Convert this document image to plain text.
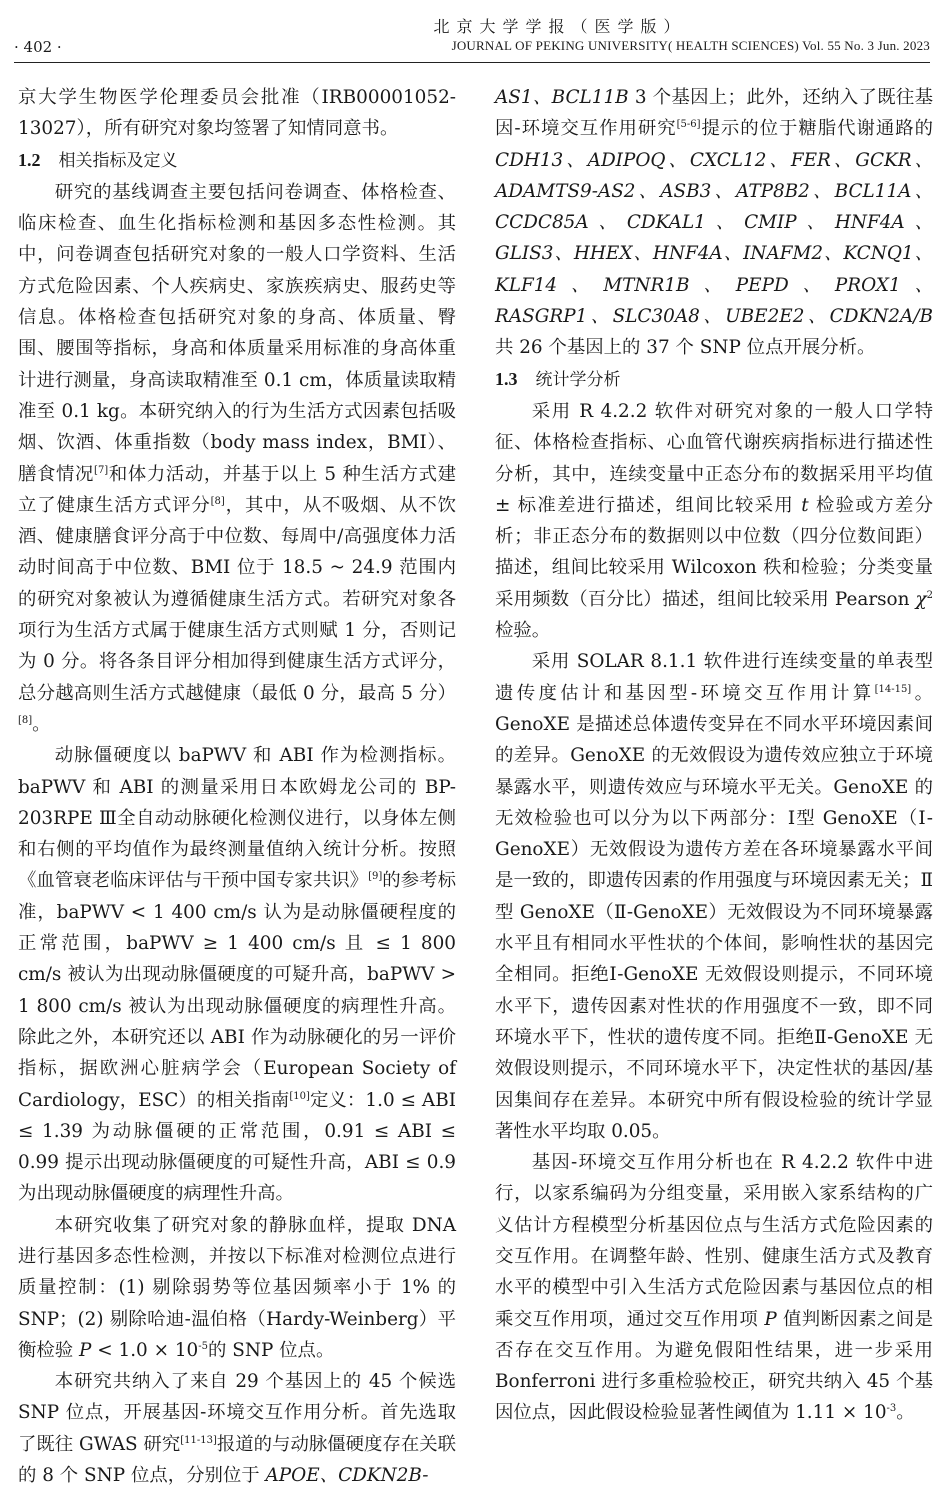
· 402 ·
北京大学学报（医学版）
JOURNAL OF PEKING UNIVERSITY( HEALTH SCIENCES) Vol. 55 No. 3 Jun. 2023

京大学生物医学伦理委员会批准（IRB00001052-13027），所有研究对象均签署了知情同意书。

1.2 相关指标及定义

研究的基线调查主要包括问卷调查、体格检查、临床检查、血生化指标检测和基因多态性检测。其中，问卷调查包括研究对象的一般人口学资料、生活方式危险因素、个人疾病史、家族疾病史、服药史等信息。体格检查包括研究对象的身高、体质量、臀围、腰围等指标，身高和体质量采用标准的身高体重计进行测量，身高读取精准至 0.1 cm，体质量读取精准至 0.1 kg。本研究纳入的行为生活方式因素包括吸烟、饮酒、体重指数（body mass index，BMI）、膳食情况[7]和体力活动，并基于以上 5 种生活方式建立了健康生活方式评分[8]，其中，从不吸烟、从不饮酒、健康膳食评分高于中位数、每周中/高强度体力活动时间高于中位数、BMI 位于 18.5 ~ 24.9 范围内的研究对象被认为遵循健康生活方式。若研究对象各项行为生活方式属于健康生活方式则赋 1 分，否则记为 0 分。将各条目评分相加得到健康生活方式评分，总分越高则生活方式越健康（最低 0 分，最高 5 分）[8]。

动脉僵硬度以 baPWV 和 ABI 作为检测指标。baPWV 和 ABI 的测量采用日本欧姆龙公司的 BP-203RPE Ⅲ全自动动脉硬化检测仪进行，以身体左侧和右侧的平均值作为最终测量值纳入统计分析。按照《血管衰老临床评估与干预中国专家共识》[9]的参考标准，baPWV < 1 400 cm/s 认为是动脉僵硬程度的正常范围，baPWV ≥ 1 400 cm/s 且 ≤ 1 800 cm/s 被认为出现动脉僵硬度的可疑升高，baPWV > 1 800 cm/s 被认为出现动脉僵硬度的病理性升高。除此之外，本研究还以 ABI 作为动脉硬化的另一评价指标，据欧洲心脏病学会（European Society of Cardiology，ESC）的相关指南[10]定义：1.0 ≤ ABI ≤ 1.39 为动脉僵硬的正常范围，0.91 ≤ ABI ≤ 0.99 提示出现动脉僵硬度的可疑性升高，ABI ≤ 0.9 为出现动脉僵硬度的病理性升高。

本研究收集了研究对象的静脉血样，提取 DNA 进行基因多态性检测，并按以下标准对检测位点进行质量控制：(1) 剔除弱势等位基因频率小于 1% 的 SNP；(2) 剔除哈迪-温伯格（Hardy-Weinberg）平衡检验 $P < 1.0 \times 10^{-5}$的 SNP 位点。

本研究共纳入了来自 29 个基因上的 45 个候选 SNP 位点，开展基因-环境交互作用分析。首先选取了既往 GWAS 研究[11-13]报道的与动脉僵硬度存在关联的 8 个 SNP 位点，分别位于 APOE、CDKN2B-

AS1、BCL11B 3 个基因上；此外，还纳入了既往基因-环境交互作用研究[5-6]提示的位于糖脂代谢通路的 CDH13、ADIPOQ、CXCL12、FER、GCKR、ADAMTS9-AS2、ASB3、ATP8B2、BCL11A、CCDC85A、CDKAL1、CMIP、HNF4A、GLIS3、HHEX、HNF4A、INAFM2、KCNQ1、KLF14、MTNR1B、PEPD、PROX1、RASGRP1、SLC30A8、UBE2E2、CDKN2A/B 共 26 个基因上的 37 个 SNP 位点开展分析。

1.3 统计学分析

采用 R 4.2.2 软件对研究对象的一般人口学特征、体格检查指标、心血管代谢疾病指标进行描述性分析，其中，连续变量中正态分布的数据采用平均值 ± 标准差进行描述，组间比较采用 t 检验或方差分析；非正态分布的数据则以中位数（四分位数间距）描述，组间比较采用 Wilcoxon 秩和检验；分类变量采用频数（百分比）描述，组间比较采用 Pearson $\chi^2$ 检验。

采用 SOLAR 8.1.1 软件进行连续变量的单表型遗传度估计和基因型-环境交互作用计算[14-15]。GenoXE 是描述总体遗传变异在不同水平环境因素间的差异。GenoXE 的无效假设为遗传效应独立于环境暴露水平，则遗传效应与环境水平无关。GenoXE 的无效检验也可以分为以下两部分：Ⅰ型 GenoXE（Ⅰ-GenoXE）无效假设为遗传方差在各环境暴露水平间是一致的，即遗传因素的作用强度与环境因素无关；Ⅱ型 GenoXE（Ⅱ-GenoXE）无效假设为不同环境暴露水平且有相同水平性状的个体间，影响性状的基因完全相同。拒绝Ⅰ-GenoXE 无效假设则提示，不同环境水平下，遗传因素对性状的作用强度不一致，即不同环境水平下，性状的遗传度不同。拒绝Ⅱ-GenoXE 无效假设则提示，不同环境水平下，决定性状的基因/基因集间存在差异。本研究中所有假设检验的统计学显著性水平均取 0.05。

基因-环境交互作用分析也在 R 4.2.2 软件中进行，以家系编码为分组变量，采用嵌入家系结构的广义估计方程模型分析基因位点与生活方式危险因素的交互作用。在调整年龄、性别、健康生活方式及教育水平的模型中引入生活方式危险因素与基因位点的相乘交互作用项，通过交互作用项 P 值判断因素之间是否存在交互作用。为避免假阳性结果，进一步采用 Bonferroni 进行多重检验校正，研究共纳入 45 个基因位点，因此假设检验显著性阈值为 $1.11 \times 10^{-3}$。
